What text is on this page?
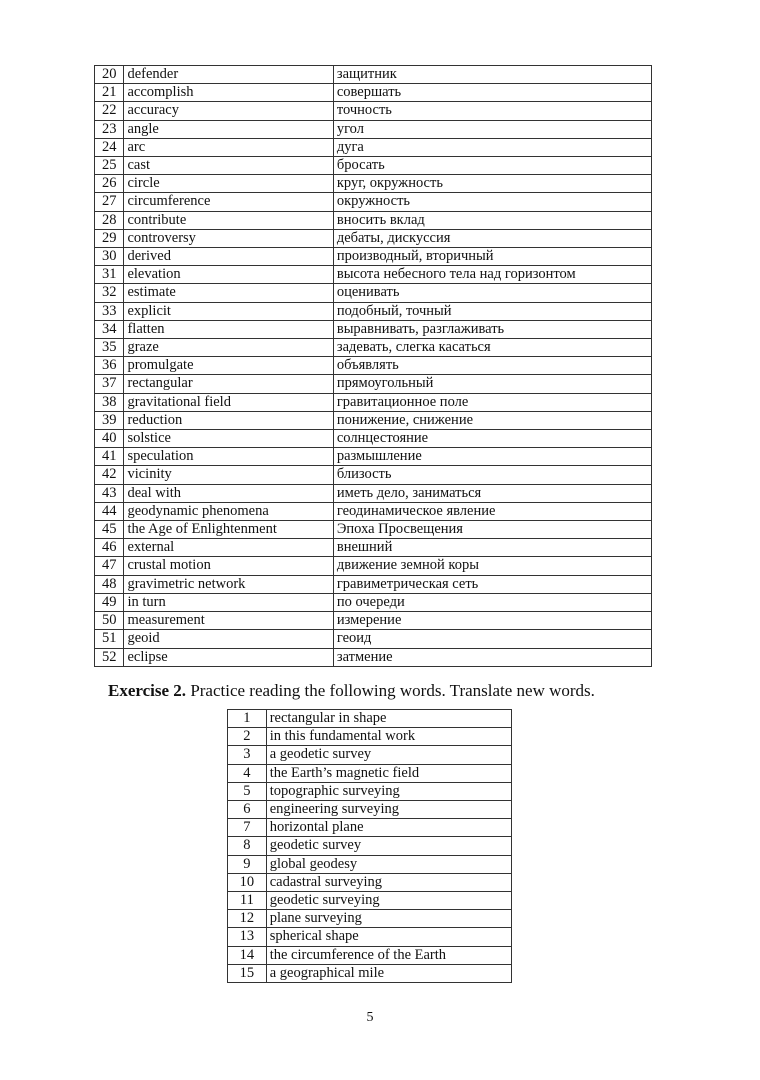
20	defender	защитник
21	accomplish	совершать
22	accuracy	точность
23	angle	угол
24	arc	дуга
25	cast	бросать
26	circle	круг, окружность
27	circumference	окружность
28	contribute	вносить вклад
29	controversy	дебаты, дискуссия
30	derived	производный, вторичный
31	elevation	высота небесного тела над горизонтом
32	estimate	оценивать
33	explicit	подобный, точный
34	flatten	выравнивать, разглаживать
35	graze	задевать, слегка касаться
36	promulgate	объявлять
37	rectangular	прямоугольный
38	gravitational field	гравитационное поле
39	reduction	понижение, снижение
40	solstice	солнцестояние
41	speculation	размышление
42	vicinity	близость
43	deal with	иметь дело, заниматься
44	geodynamic phenomena	геодинамическое явление
45	the Age of Enlightenment	Эпоха Просвещения
46	external	внешний
47	crustal motion	движение земной коры
48	gravimetric network	гравиметрическая сеть
49	in turn	по очереди
50	measurement	измерение
51	geoid	геоид
52	eclipse	затмение
Exercise 2. Practice reading the following words. Translate new words.
1	rectangular in shape
2	in this fundamental work
3	a geodetic survey
4	the Earth’s magnetic field
5	topographic surveying
6	engineering surveying
7	horizontal plane
8	geodetic survey
9	global geodesy
10	cadastral surveying
11	geodetic surveying
12	plane surveying
13	spherical shape
14	the circumference of the Earth
15	a geographical mile
5
